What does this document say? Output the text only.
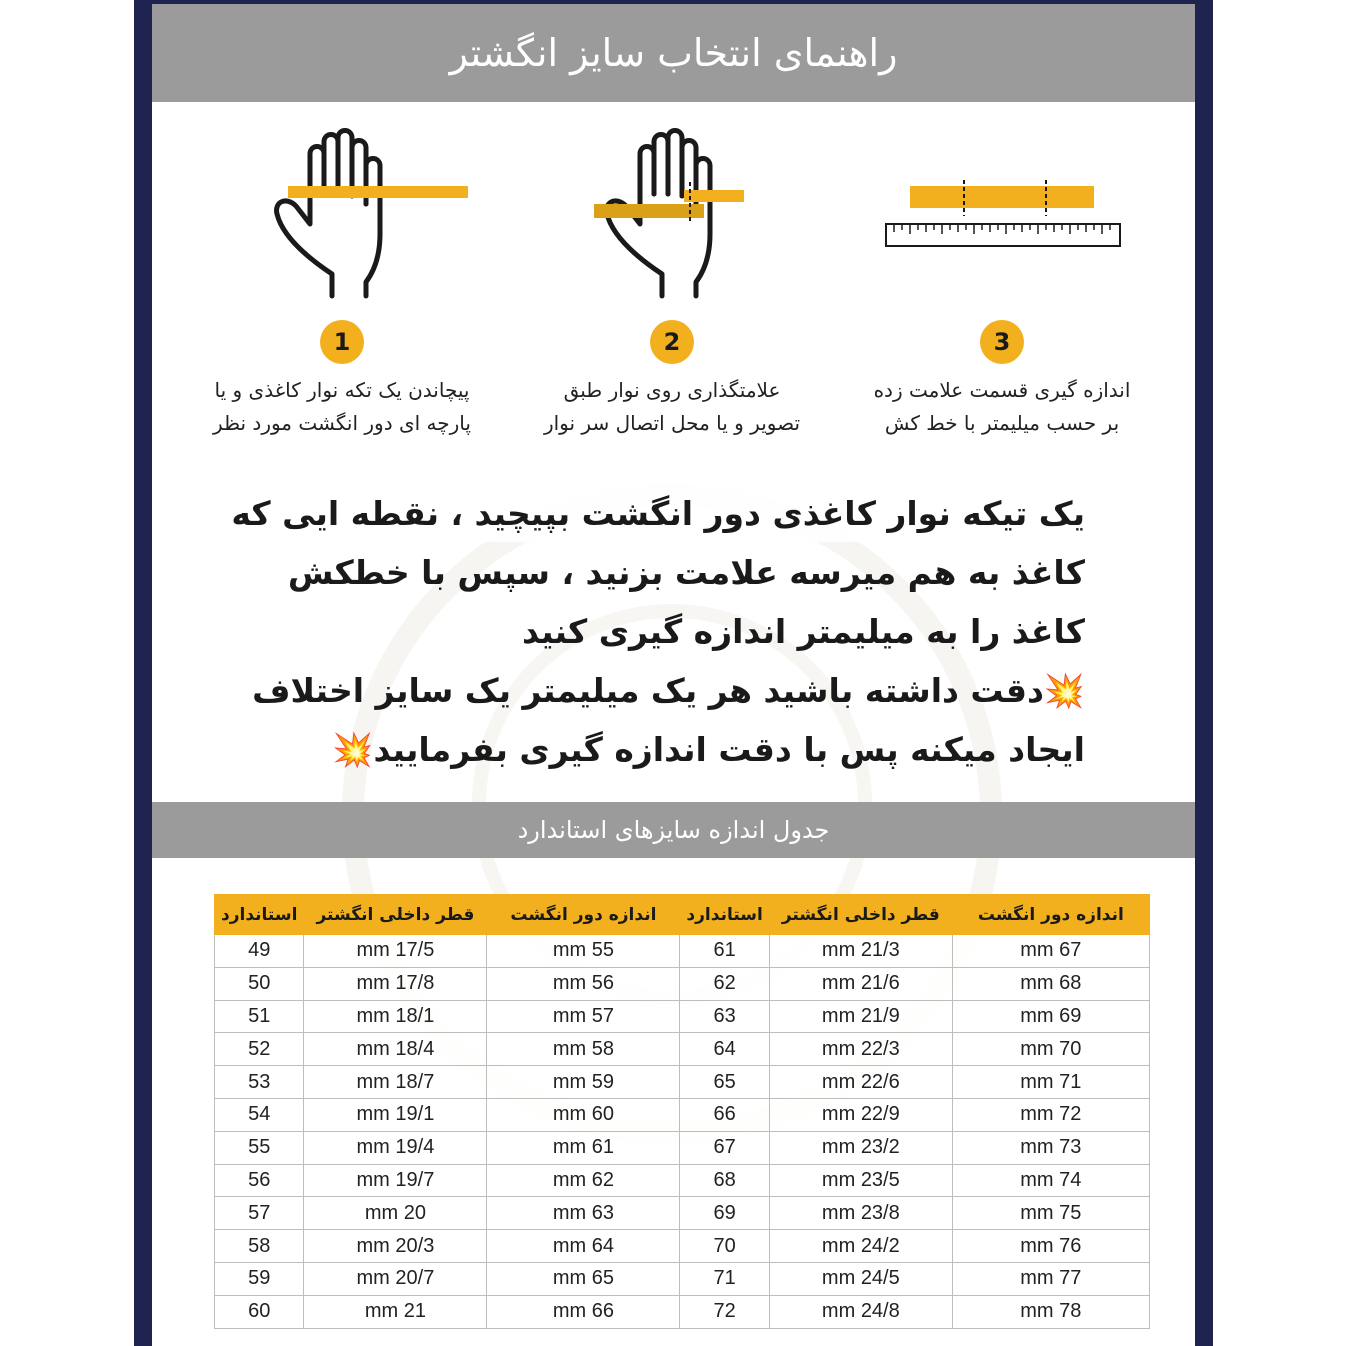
راهنمای انتخاب سایز انگشتر
1
پیچاندن یک تکه نوار کاغذی و یا
پارچه ای دور انگشت مورد نظر
2
علامتگذاری روی نوار طبق
تصویر و یا محل اتصال سر نوار
3
اندازه گیری قسمت علامت زده
بر حسب میلیمتر با خط کش

یک تیکه نوار کاغذی دور انگشت بپیچید ، نقطه ایی که

کاغذ به هم میرسه علامت بزنید ، سپس با خطکش

کاغذ را به میلیمتر اندازه گیری کنید

💥دقت داشته باشید هر یک میلیمتر یک سایز اختلاف

ایجاد میکنه پس با دقت اندازه گیری بفرمایید💥

جدول اندازه سایزهای استاندارد
اندازه دور انگشت	قطر داخلی انگشتر	استاندارد	اندازه دور انگشت	قطر داخلی انگشتر	استاندارد
67 mm	21/3 mm	61	55 mm	17/5 mm	49
68 mm	21/6 mm	62	56 mm	17/8 mm	50
69 mm	21/9 mm	63	57 mm	18/1 mm	51
70 mm	22/3 mm	64	58 mm	18/4 mm	52
71 mm	22/6 mm	65	59 mm	18/7 mm	53
72 mm	22/9 mm	66	60 mm	19/1 mm	54
73 mm	23/2 mm	67	61 mm	19/4 mm	55
74 mm	23/5 mm	68	62 mm	19/7 mm	56
75 mm	23/8 mm	69	63 mm	20 mm	57
76 mm	24/2 mm	70	64 mm	20/3 mm	58
77 mm	24/5 mm	71	65 mm	20/7 mm	59
78 mm	24/8 mm	72	66 mm	21 mm	60
